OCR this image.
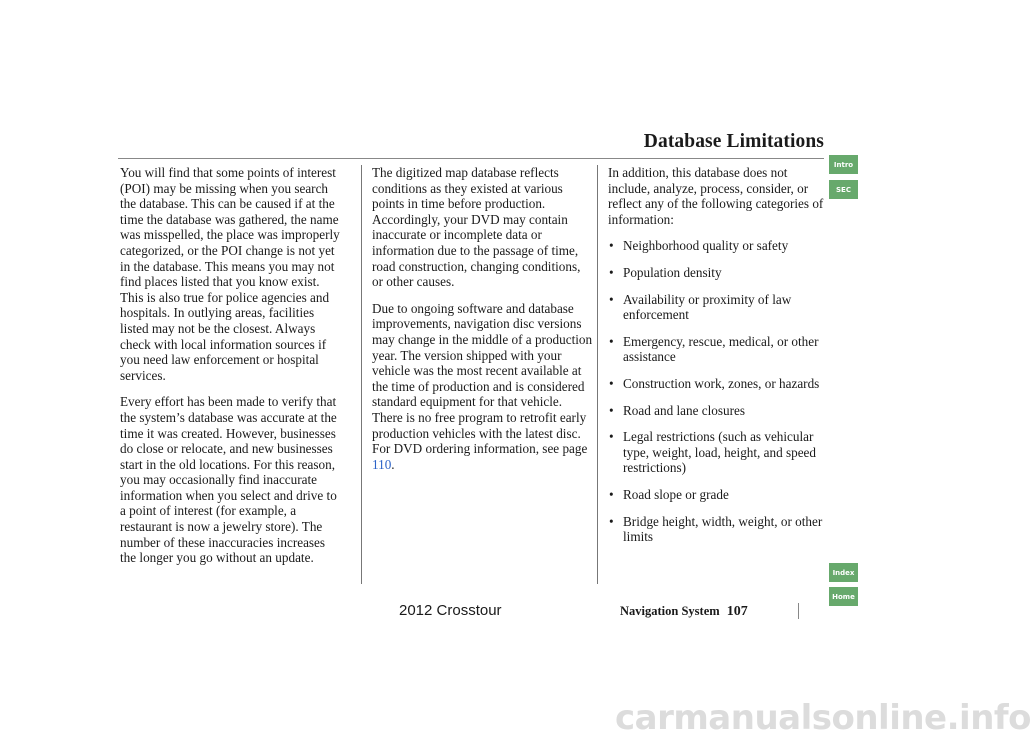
Database Limitations

You will find that some points of interest (POI) may be missing when you search the database. This can be caused if at the time the database was gathered, the name was misspelled, the place was improperly categorized, or the POI change is not yet in the database. This means you may not find places listed that you know exist. This is also true for police agencies and hospitals. In outlying areas, facilities listed may not be the closest. Always check with local information sources if you need law enforcement or hospital services.

Every effort has been made to verify that the system’s database was accurate at the time it was created. However, businesses do close or relocate, and new businesses start in the old locations. For this reason, you may occasionally find inaccurate information when you select and drive to a point of interest (for example, a restaurant is now a jewelry store). The number of these inaccuracies increases the longer you go without an update.

The digitized map database reflects conditions as they existed at various points in time before production. Accordingly, your DVD may contain inaccurate or incomplete data or information due to the passage of time, road construction, changing conditions, or other causes.

Due to ongoing software and database improvements, navigation disc versions may change in the middle of a production year. The version shipped with your vehicle was the most recent available at the time of production and is considered standard equipment for that vehicle. There is no free program to retrofit early production vehicles with the latest disc. For DVD ordering information, see page 110.

In addition, this database does not include, analyze, process, consider, or reflect any of the following categories of information:

• Neighborhood quality or safety
• Population density
• Availability or proximity of law enforcement
• Emergency, rescue, medical, or other assistance
• Construction work, zones, or hazards
• Road and lane closures
• Legal restrictions (such as vehicular type, weight, load, height, and speed restrictions)
• Road slope or grade
• Bridge height, width, weight, or other limits
Intro
SEC
Index
Home
2012 Crosstour	Navigation System 107
carmanualsonline.info
